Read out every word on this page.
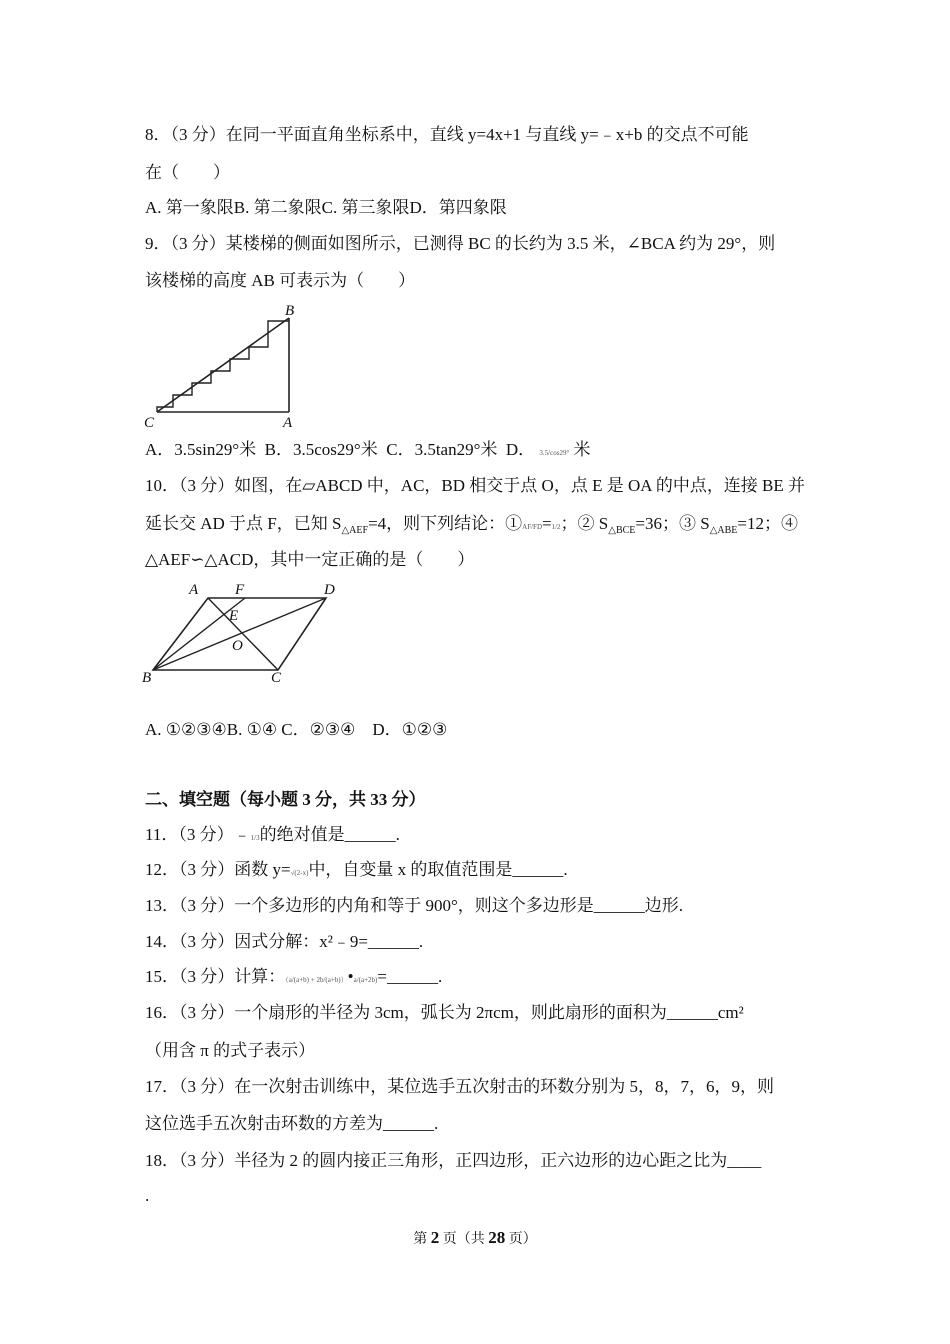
8．（3 分）在同一平面直角坐标系中，直线 y=4x+1 与直线 y=﹣x+b 的交点不可能
在（　　）
A. 第一象限B. 第二象限C. 第三象限D．第四象限
9．（3 分）某楼梯的侧面如图所示，已测得 BC 的长约为 3.5 米，∠BCA 约为 29°，则
该楼梯的高度 AB 可表示为（　　）
B
C	A
A．3.5sin29°米 B．3.5cos29°米 C．3.5tan29°米 D． 3.5/cos29° 米
10．（3 分）如图，在▱ABCD 中，AC，BD 相交于点 O，点 E 是 OA 的中点，连接 BE 并
延长交 AD 于点 F，已知 $S_{\triangle AEF}=4$，则下列结论：①AF/FD=1/2；② $S_{\triangle BCE}=36$；③ $S_{\triangle ABE}=12$；④
△AEF∽△ACD，其中一定正确的是（　　）
A F	D
E
O
B	C
A. ①②③④B. ①④ C．②③④　D．①②③
二、填空题（每小题 3 分，共 33 分）
11．（3 分）﹣1/3的绝对值是______.
12．（3 分）函数 y=√(2-x)中，自变量 x 的取值范围是______.
13．（3 分）一个多边形的内角和等于 900°，则这个多边形是______边形.
14．（3 分）因式分解：x²﹣9=______.
15．（3 分）计算：（a/(a+b) + 2b/(a+b)）•a/(a+2b)=______.
16．（3 分）一个扇形的半径为 3cm，弧长为 2πcm，则此扇形的面积为______cm²
（用含 π 的式子表示）
17．（3 分）在一次射击训练中，某位选手五次射击的环数分别为 5，8，7，6，9，则
这位选手五次射击环数的方差为______.
18．（3 分）半径为 2 的圆内接正三角形，正四边形，正六边形的边心距之比为____
.
第 2 页（共 28 页）
